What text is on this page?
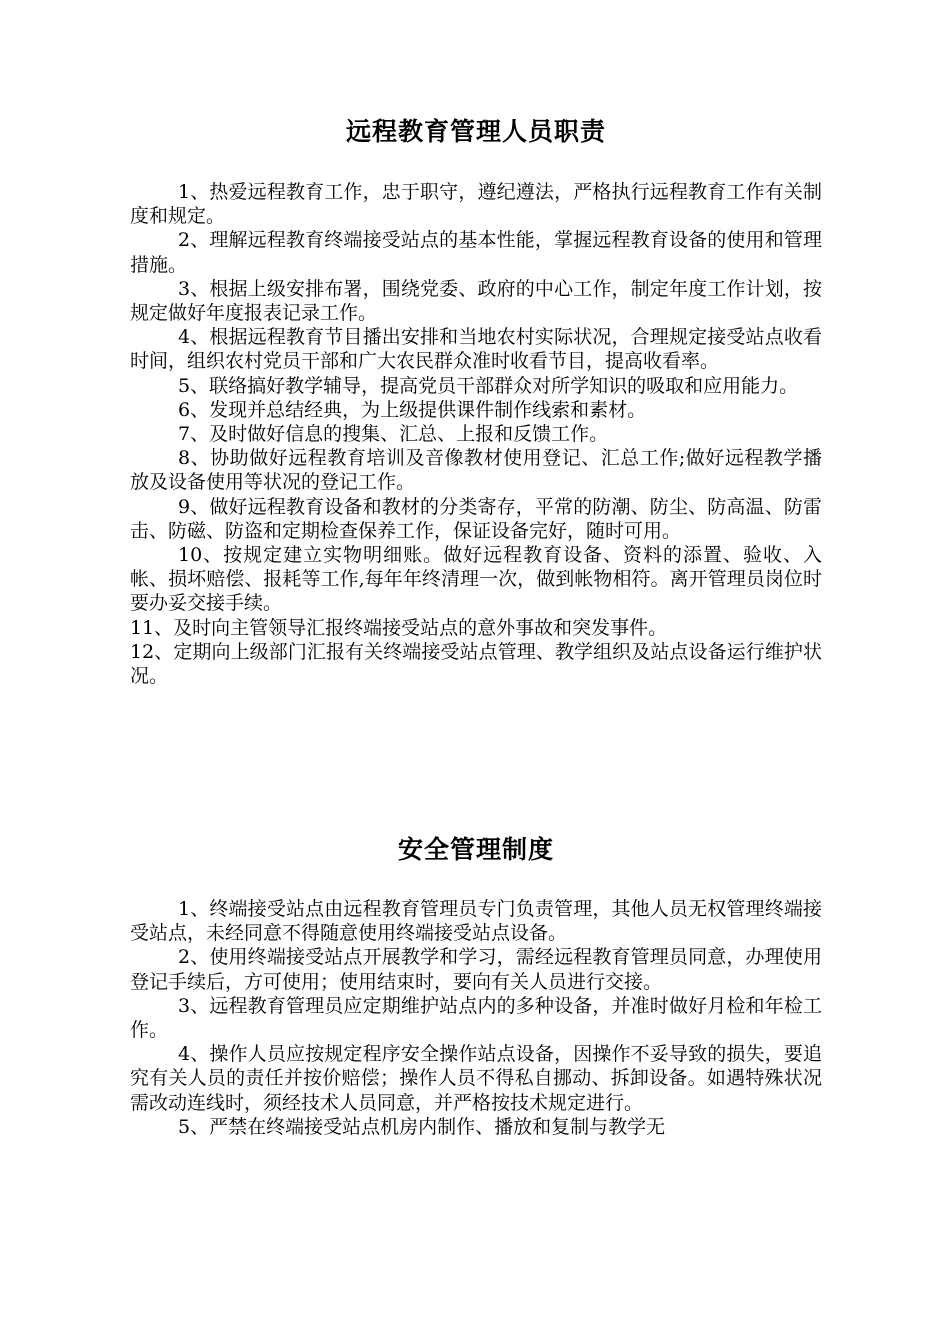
远程教育管理人员职责

1、热爱远程教育工作，忠于职守，遵纪遵法，严格执行远程教育工作有关制度和规定。

2、理解远程教育终端接受站点的基本性能，掌握远程教育设备的使用和管理措施。

3、根据上级安排布署，围绕党委、政府的中心工作，制定年度工作计划，按规定做好年度报表记录工作。

4、根据远程教育节目播出安排和当地农村实际状况，合理规定接受站点收看时间，组织农村党员干部和广大农民群众准时收看节目，提高收看率。

5、联络搞好教学辅导，提高党员干部群众对所学知识的吸取和应用能力。

6、发现并总结经典，为上级提供课件制作线索和素材。

7、及时做好信息的搜集、汇总、上报和反馈工作。

8、协助做好远程教育培训及音像教材使用登记、汇总工作;做好远程教学播放及设备使用等状况的登记工作。

9、做好远程教育设备和教材的分类寄存，平常的防潮、防尘、防高温、防雷击、防磁、防盗和定期检查保养工作，保证设备完好，随时可用。

10、按规定建立实物明细账。做好远程教育设备、资料的添置、验收、入帐、损坏赔偿、报耗等工作,每年年终清理一次，做到帐物相符。离开管理员岗位时要办妥交接手续。

11、及时向主管领导汇报终端接受站点的意外事故和突发事件。

12、定期向上级部门汇报有关终端接受站点管理、教学组织及站点设备运行维护状况。

安全管理制度

1、终端接受站点由远程教育管理员专门负责管理，其他人员无权管理终端接受站点，未经同意不得随意使用终端接受站点设备。

2、使用终端接受站点开展教学和学习，需经远程教育管理员同意，办理使用登记手续后，方可使用；使用结束时，要向有关人员进行交接。

3、远程教育管理员应定期维护站点内的多种设备，并准时做好月检和年检工作。

4、操作人员应按规定程序安全操作站点设备，因操作不妥导致的损失，要追究有关人员的责任并按价赔偿；操作人员不得私自挪动、拆卸设备。如遇特殊状况需改动连线时，须经技术人员同意，并严格按技术规定进行。

5、严禁在终端接受站点机房内制作、播放和复制与教学无
